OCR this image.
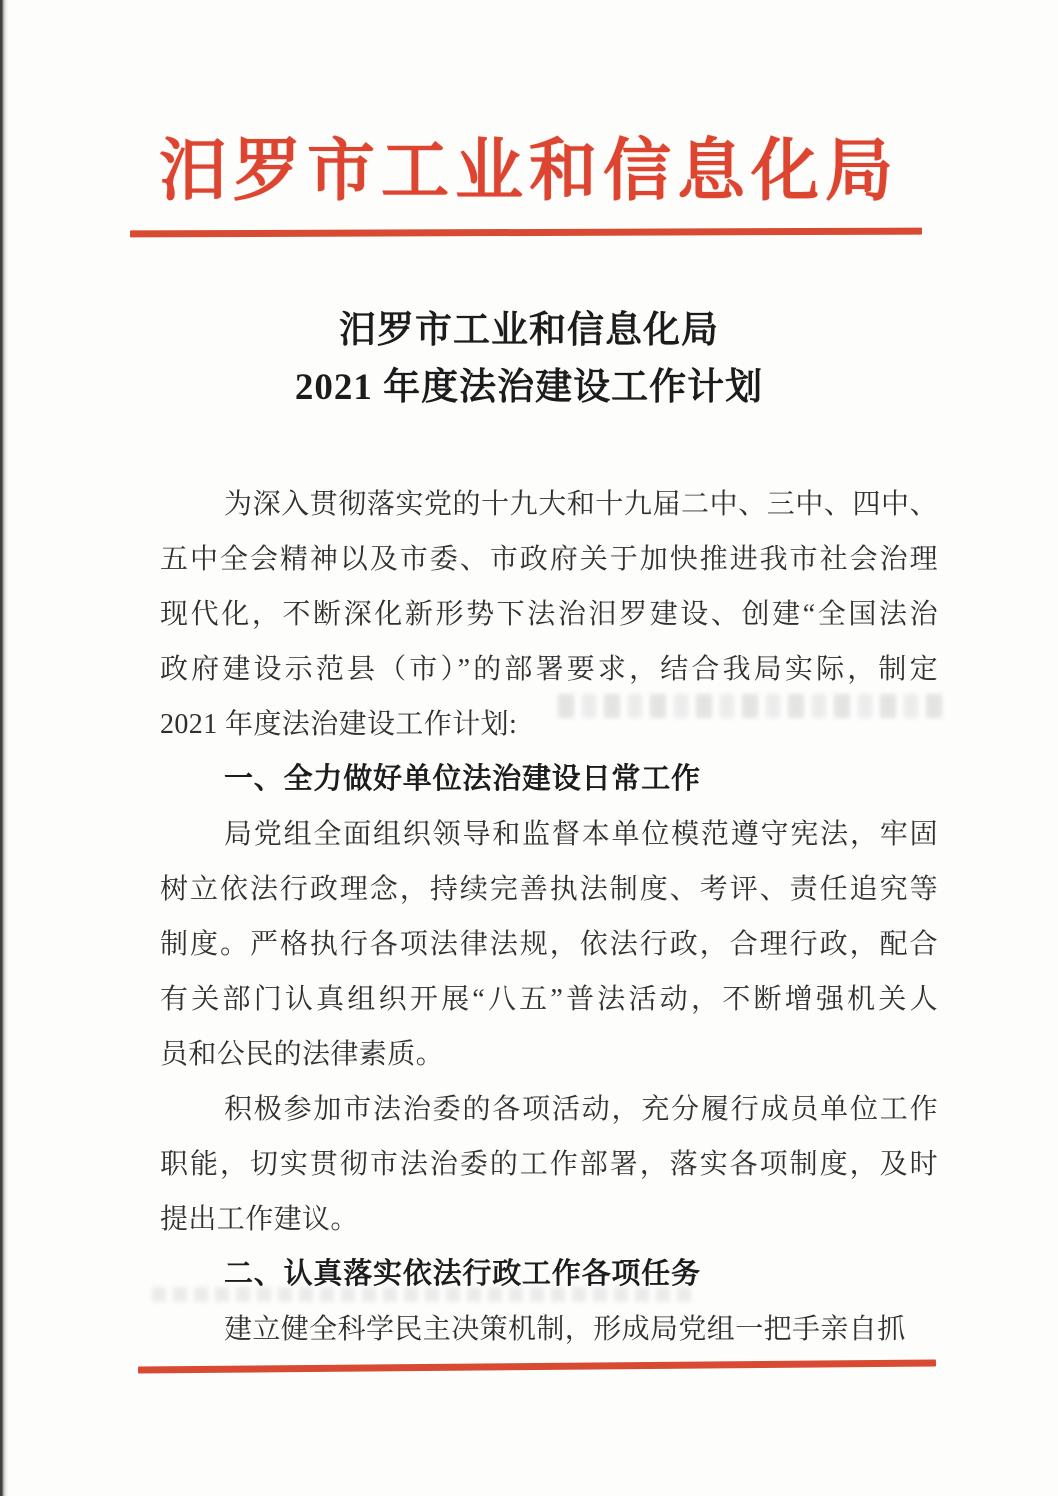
汨罗市工业和信息化局
汨罗市工业和信息化局
2021 年度法治建设工作计划
为深入贯彻落实党的十九大和十九届二中、三中、四中、
五中全会精神以及市委、市政府关于加快推进我市社会治理
现代化，不断深化新形势下法治汨罗建设、创建“全国法治
政府建设示范县（市）”的部署要求，结合我局实际，制定
2021 年度法治建设工作计划:
一、全力做好单位法治建设日常工作
局党组全面组织领导和监督本单位模范遵守宪法，牢固
树立依法行政理念，持续完善执法制度、考评、责任追究等
制度。严格执行各项法律法规，依法行政，合理行政，配合
有关部门认真组织开展“八五”普法活动，不断增强机关人
员和公民的法律素质。
积极参加市法治委的各项活动，充分履行成员单位工作
职能，切实贯彻市法治委的工作部署，落实各项制度，及时
提出工作建议。
二、认真落实依法行政工作各项任务
建立健全科学民主决策机制，形成局党组一把手亲自抓
